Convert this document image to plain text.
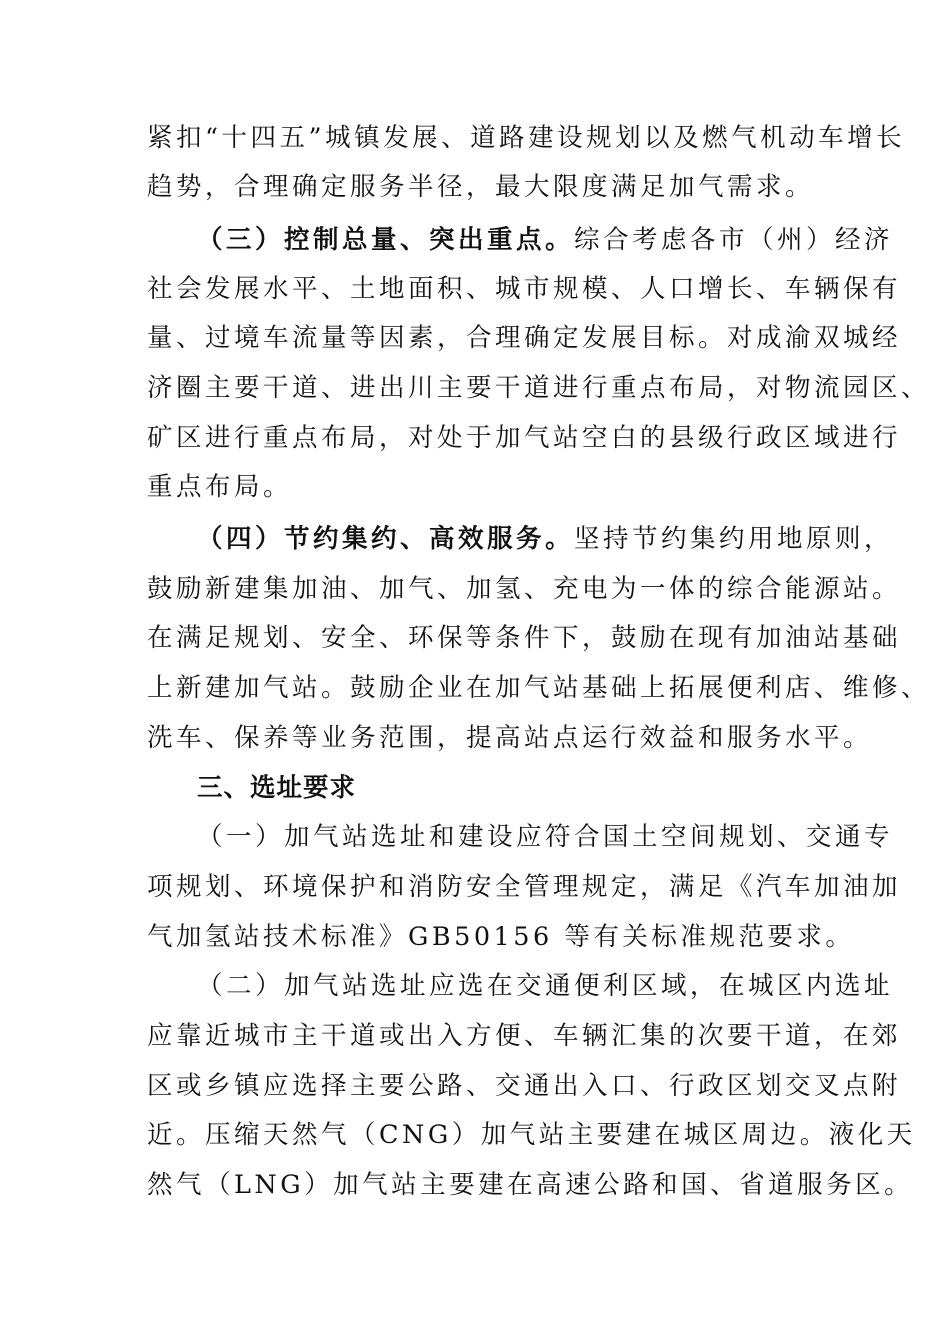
紧扣“十四五”城镇发展、道路建设规划以及燃气机动车增长
趋势，合理确定服务半径，最大限度满足加气需求。
（三）控制总量、突出重点。综合考虑各市（州）经济
社会发展水平、土地面积、城市规模、人口增长、车辆保有
量、过境车流量等因素，合理确定发展目标。对成渝双城经
济圈主要干道、进出川主要干道进行重点布局，对物流园区、
矿区进行重点布局，对处于加气站空白的县级行政区域进行
重点布局。
（四）节约集约、高效服务。坚持节约集约用地原则，
鼓励新建集加油、加气、加氢、充电为一体的综合能源站。
在满足规划、安全、环保等条件下，鼓励在现有加油站基础
上新建加气站。鼓励企业在加气站基础上拓展便利店、维修、
洗车、保养等业务范围，提高站点运行效益和服务水平。
三、选址要求
（一）加气站选址和建设应符合国土空间规划、交通专
项规划、环境保护和消防安全管理规定，满足《汽车加油加
气加氢站技术标准》GB50156 等有关标准规范要求。
（二）加气站选址应选在交通便利区域，在城区内选址
应靠近城市主干道或出入方便、车辆汇集的次要干道，在郊
区或乡镇应选择主要公路、交通出入口、行政区划交叉点附
近。压缩天然气（CNG）加气站主要建在城区周边。液化天
然气（LNG）加气站主要建在高速公路和国、省道服务区。
